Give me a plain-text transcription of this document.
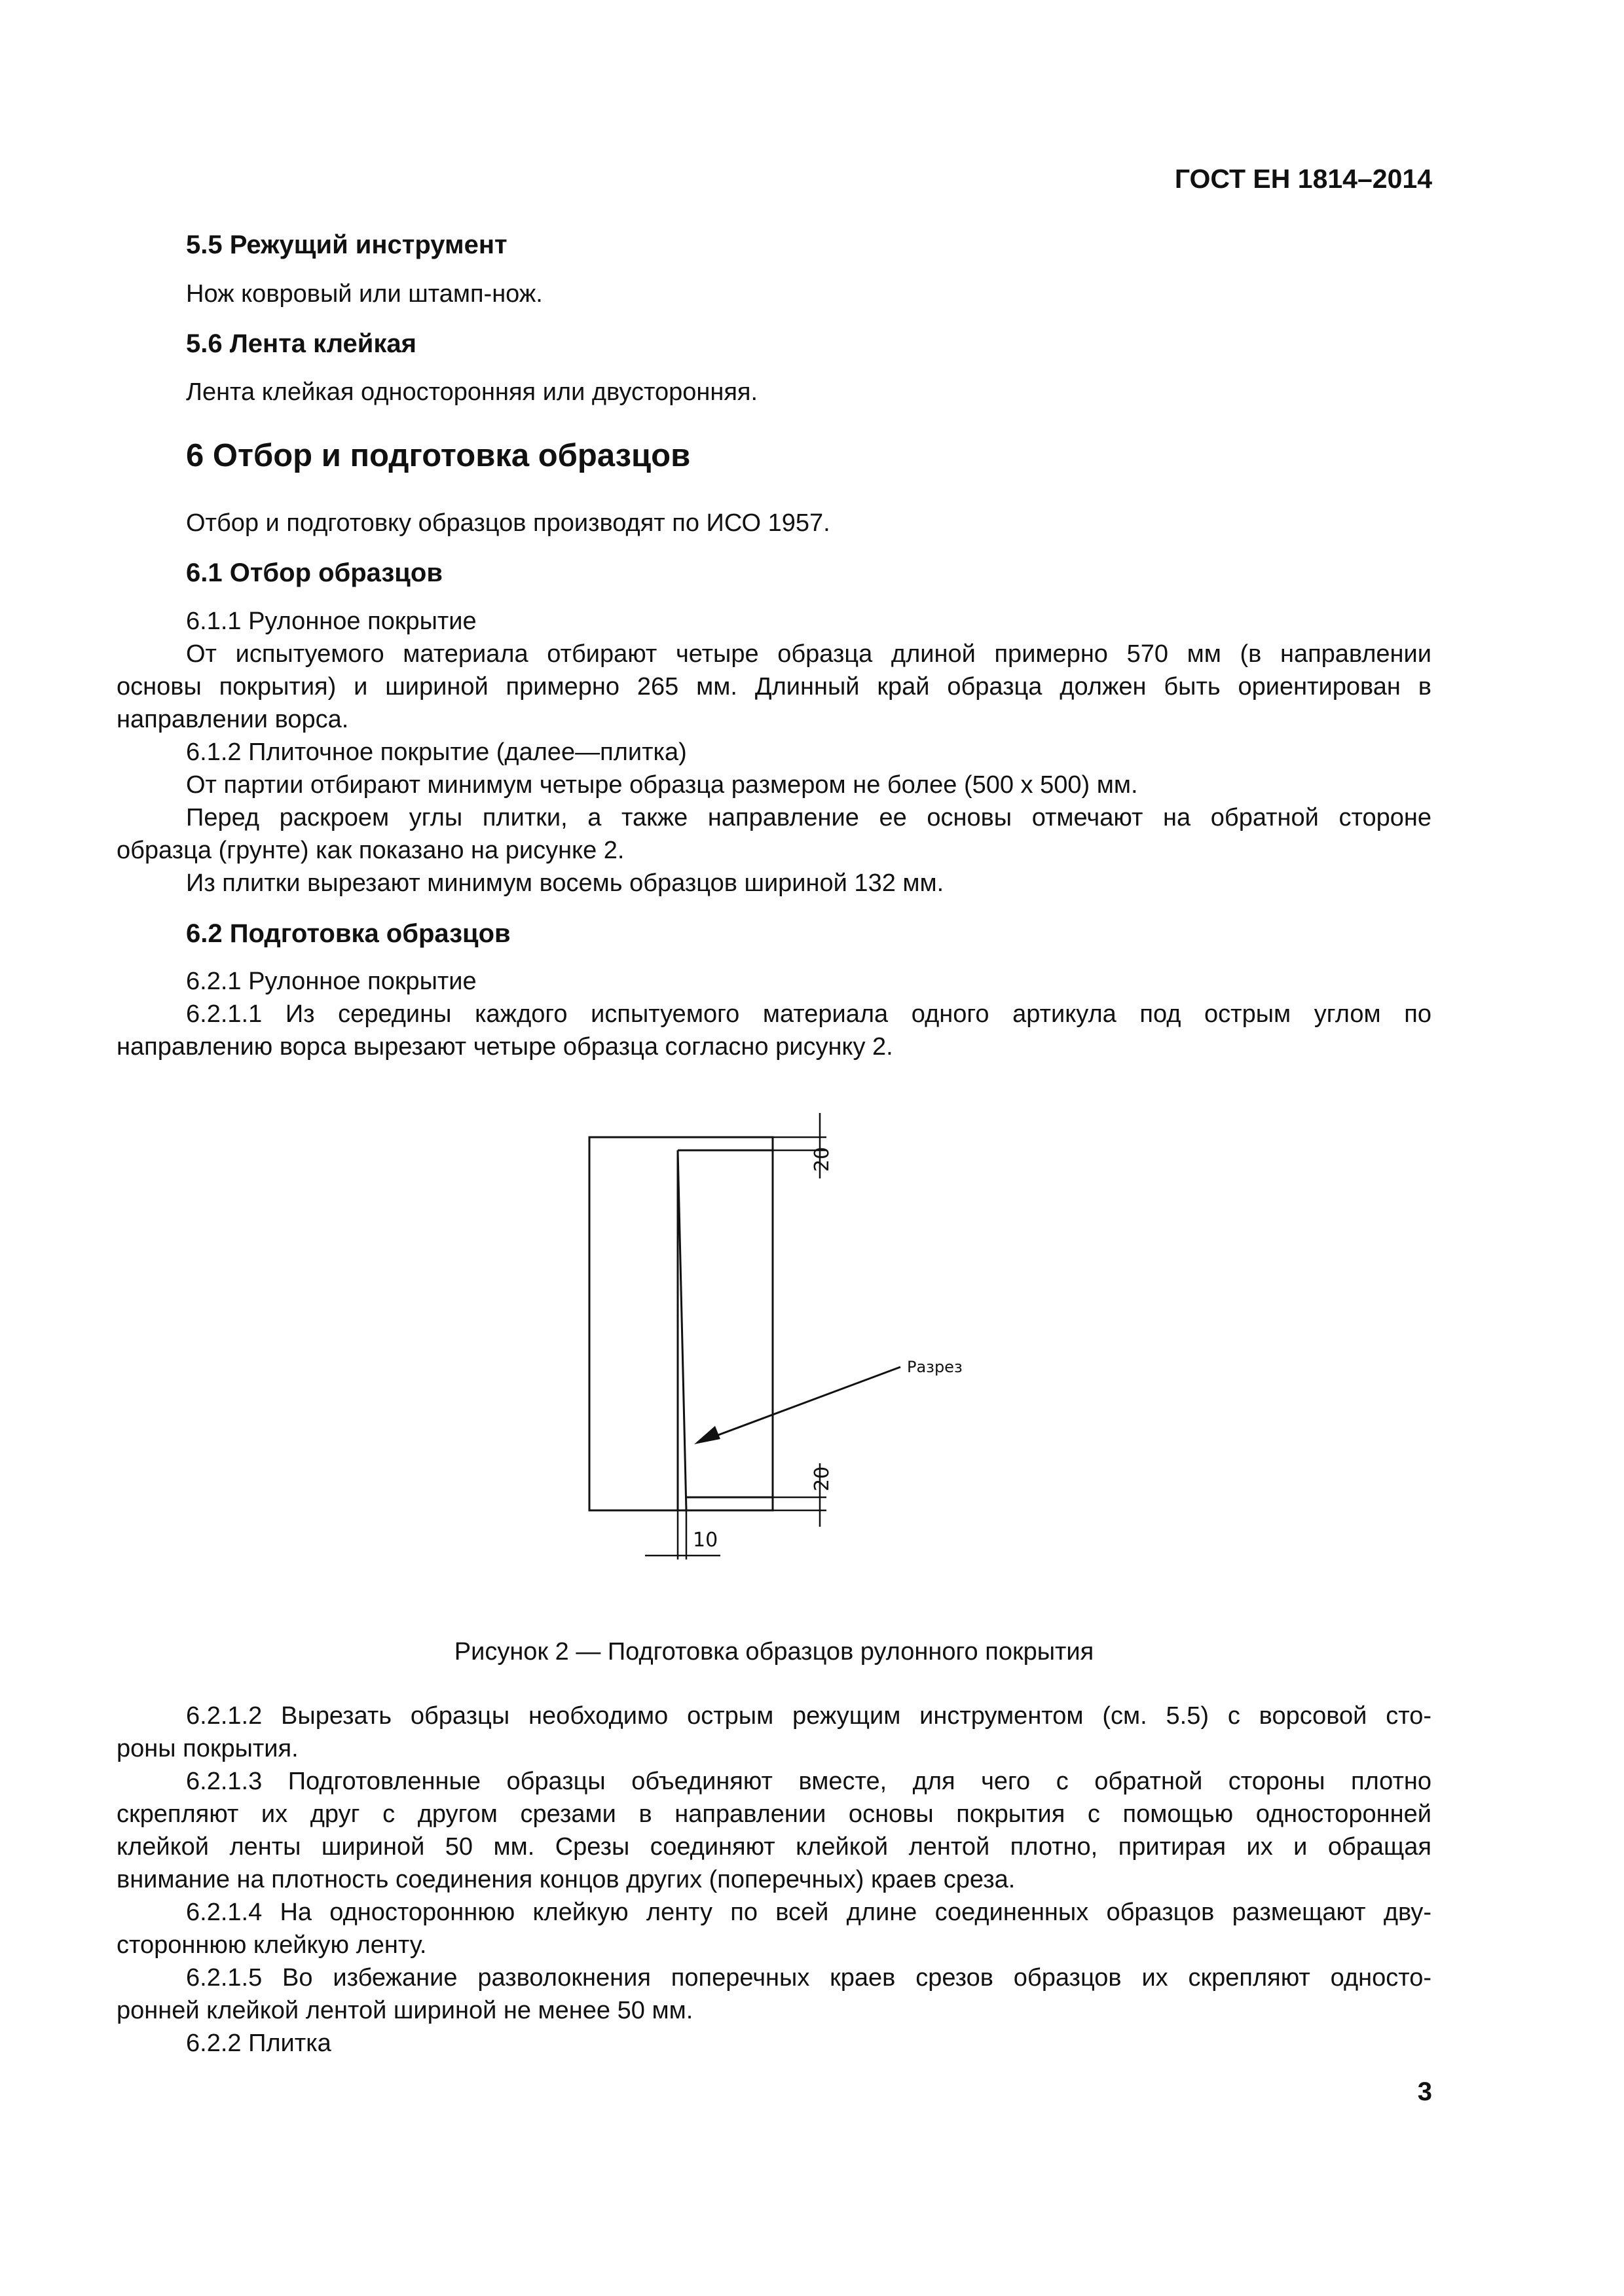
ГОСТ ЕН 1814–2014
5.5 Режущий инструмент
Нож ковровый или штамп-нож.
5.6 Лента клейкая
Лента клейкая односторонняя или двусторонняя.
6 Отбор и подготовка образцов
Отбор и подготовку образцов производят по ИСО 1957.
6.1 Отбор образцов
6.1.1 Рулонное покрытие
От испытуемого материала отбирают четыре образца длиной примерно 570 мм (в направлении
основы покрытия) и шириной примерно 265 мм. Длинный край образца должен быть ориентирован в
направлении ворса.
6.1.2 Плиточное покрытие (далее—плитка)
От партии отбирают минимум четыре образца размером не более (500 х 500) мм.
Перед раскроем углы плитки, а также направление ее основы отмечают на обратной стороне
образца (грунте) как показано на рисунке 2.
Из плитки вырезают минимум восемь образцов шириной 132 мм.
6.2 Подготовка образцов
6.2.1 Рулонное покрытие
6.2.1.1 Из середины каждого испытуемого материала одного артикула под острым углом по
направлению ворса вырезают четыре образца согласно рисунку 2.
20
20
10
Разрез
Рисунок 2 — Подготовка образцов рулонного покрытия
6.2.1.2 Вырезать образцы необходимо острым режущим инструментом (см. 5.5) с ворсовой сто-
роны покрытия.
6.2.1.3 Подготовленные образцы объединяют вместе, для чего с обратной стороны плотно
скрепляют их друг с другом срезами в направлении основы покрытия с помощью односторонней
клейкой ленты шириной 50 мм. Срезы соединяют клейкой лентой плотно, притирая их и обращая
внимание на плотность соединения концов других (поперечных) краев среза.
6.2.1.4 На одностороннюю клейкую ленту по всей длине соединенных образцов размещают дву-
стороннюю клейкую ленту.
6.2.1.5 Во избежание разволокнения поперечных краев срезов образцов их скрепляют односто-
ронней клейкой лентой шириной не менее 50 мм.
6.2.2 Плитка
3
